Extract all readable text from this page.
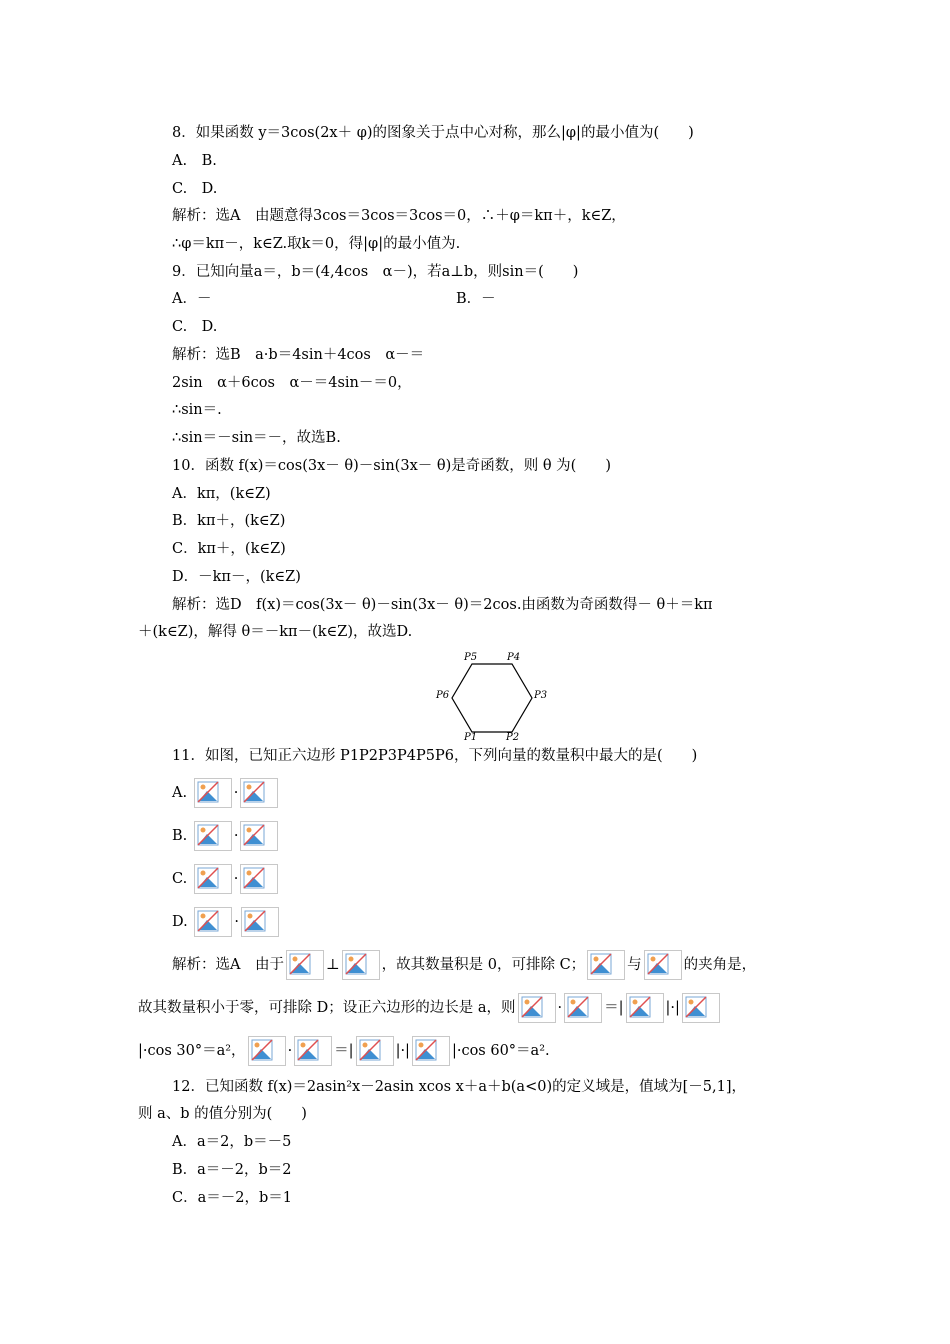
8．如果函数 y＝3cos(2x＋ φ)的图象关于点中心对称，那么|φ|的最小值为(　　)
A.　B.
C.　D.
解析：选A　由题意得3cos＝3cos＝3cos＝0，∴＋φ＝kπ＋，k∈Z，
∴φ＝kπ－，k∈Z.取k＝0，得|φ|的最小值为.
9．已知向量a＝，b＝(4,4cos　α－)，若a⊥b，则sin＝(　　)
A．－	B．－
C.　D.
解析：选B　a·b＝4sin＋4cos　α－＝
2sin　α＋6cos　α－＝4sin－＝0，
∴sin＝.
∴sin＝－sin＝－，故选B.
10．函数 f(x)＝cos(3x－ θ)－sin(3x－ θ)是奇函数，则 θ 为(　　)
A．kπ，(k∈Z)
B．kπ＋，(k∈Z)
C．kπ＋，(k∈Z)
D．－kπ－，(k∈Z)
解析：选D　f(x)＝cos(3x－ θ)－sin(3x－ θ)＝2cos.由函数为奇函数得－ θ＋＝kπ
＋(k∈Z)，解得 θ＝－kπ－(k∈Z)，故选D.
P5	P4
P6	P3
P1	P2
11．如图，已知正六边形 P1P2P3P4P5P6，下列向量的数量积中最大的是(　　)
A.	·
B.	·
C.	·
D.	·
解析：选A　由于	⊥	，故其数量积是 0，可排除 C；	与	的夹角是，
故其数量积小于零，可排除 D；设正六边形的边长是 a，则	·	＝|	|·|
|·cos 30°＝a²，	·	＝|	|·|	|·cos 60°＝a².
12．已知函数 f(x)＝2asin²x－2asin xcos x＋a＋b(a<0)的定义域是，值域为[－5,1]，
则 a、b 的值分别为(　　)
A．a＝2，b＝－5
B．a＝－2，b＝2
C．a＝－2，b＝1
